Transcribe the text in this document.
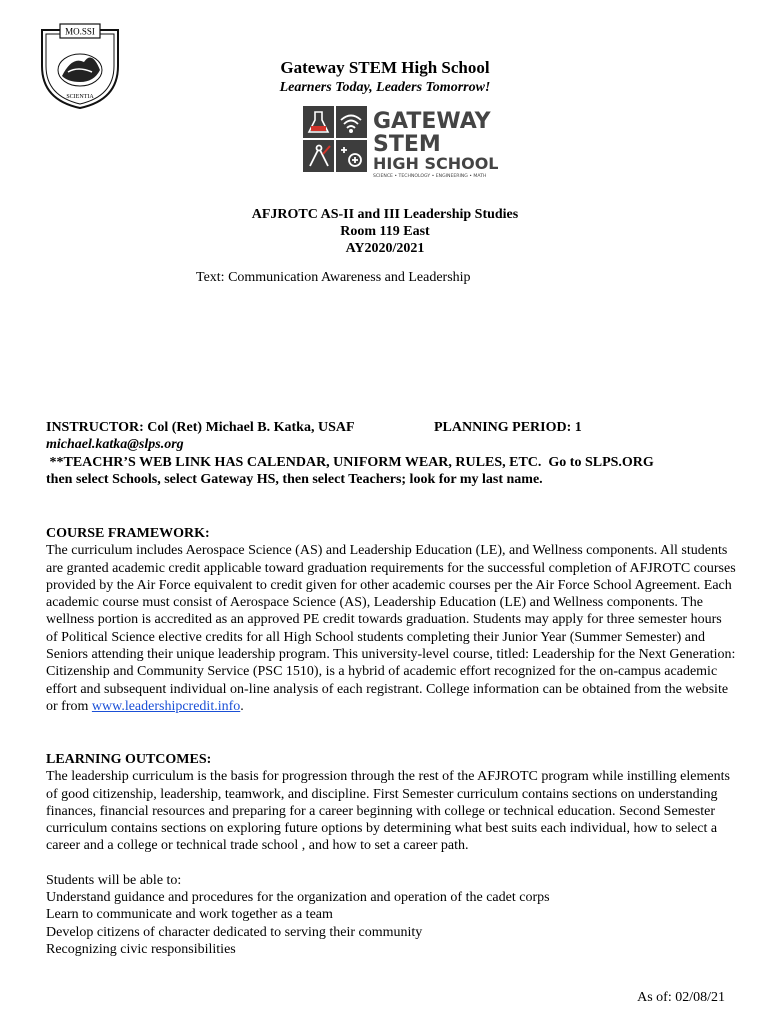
MO.SSI
SCIENTIA
Gateway STEM High School
Learners Today, Leaders Tomorrow!
GATEWAY
STEM
HIGH SCHOOL
SCIENCE • TECHNOLOGY • ENGINEERING • MATH
AFJROTC AS-II and III Leadership Studies
Room 119 East
AY2020/2021
Text: Communication Awareness and Leadership
INSTRUCTOR: Col (Ret) Michael B. Katka, USAF	PLANNING PERIOD: 1
michael.katka@slps.org
**TEACHR’S WEB LINK HAS CALENDAR, UNIFORM WEAR, RULES, ETC.  Go to SLPS.ORG
then select Schools, select Gateway HS, then select Teachers; look for my last name.

COURSE FRAMEWORK:

The curriculum includes Aerospace Science (AS) and Leadership Education (LE), and Wellness components. All students are granted academic credit applicable toward graduation requirements for the successful completion of AFJROTC courses provided by the Air Force equivalent to credit given for other academic courses per the Air Force School Agreement. Each academic course must consist of Aerospace Science (AS), Leadership Education (LE) and Wellness components. The wellness portion is accredited as an approved PE credit towards graduation. Students may apply for three semester hours of Political Science elective credits for all High School students completing their Junior Year (Summer Semester) and Seniors attending their unique leadership program. This university-level course, titled: Leadership for the Next Generation: Citizenship and Community Service (PSC 1510), is a hybrid of academic effort recognized for the on-campus academic effort and subsequent individual on-line analysis of each registrant. College information can be obtained from the website or from www.leadershipcredit.info.

LEARNING OUTCOMES:

The leadership curriculum is the basis for progression through the rest of the AFJROTC program while instilling elements of good citizenship, leadership, teamwork, and discipline. First Semester curriculum contains sections on understanding finances, financial resources and preparing for a career beginning with college or technical education. Second Semester curriculum contains sections on exploring future options by determining what best suits each individual, how to select a career and a college or technical trade school , and how to set a career path.

Students will be able to:

Understand guidance and procedures for the organization and operation of the cadet corps

Learn to communicate and work together as a team

Develop citizens of character dedicated to serving their community

Recognizing civic responsibilities

As of: 02/08/21
